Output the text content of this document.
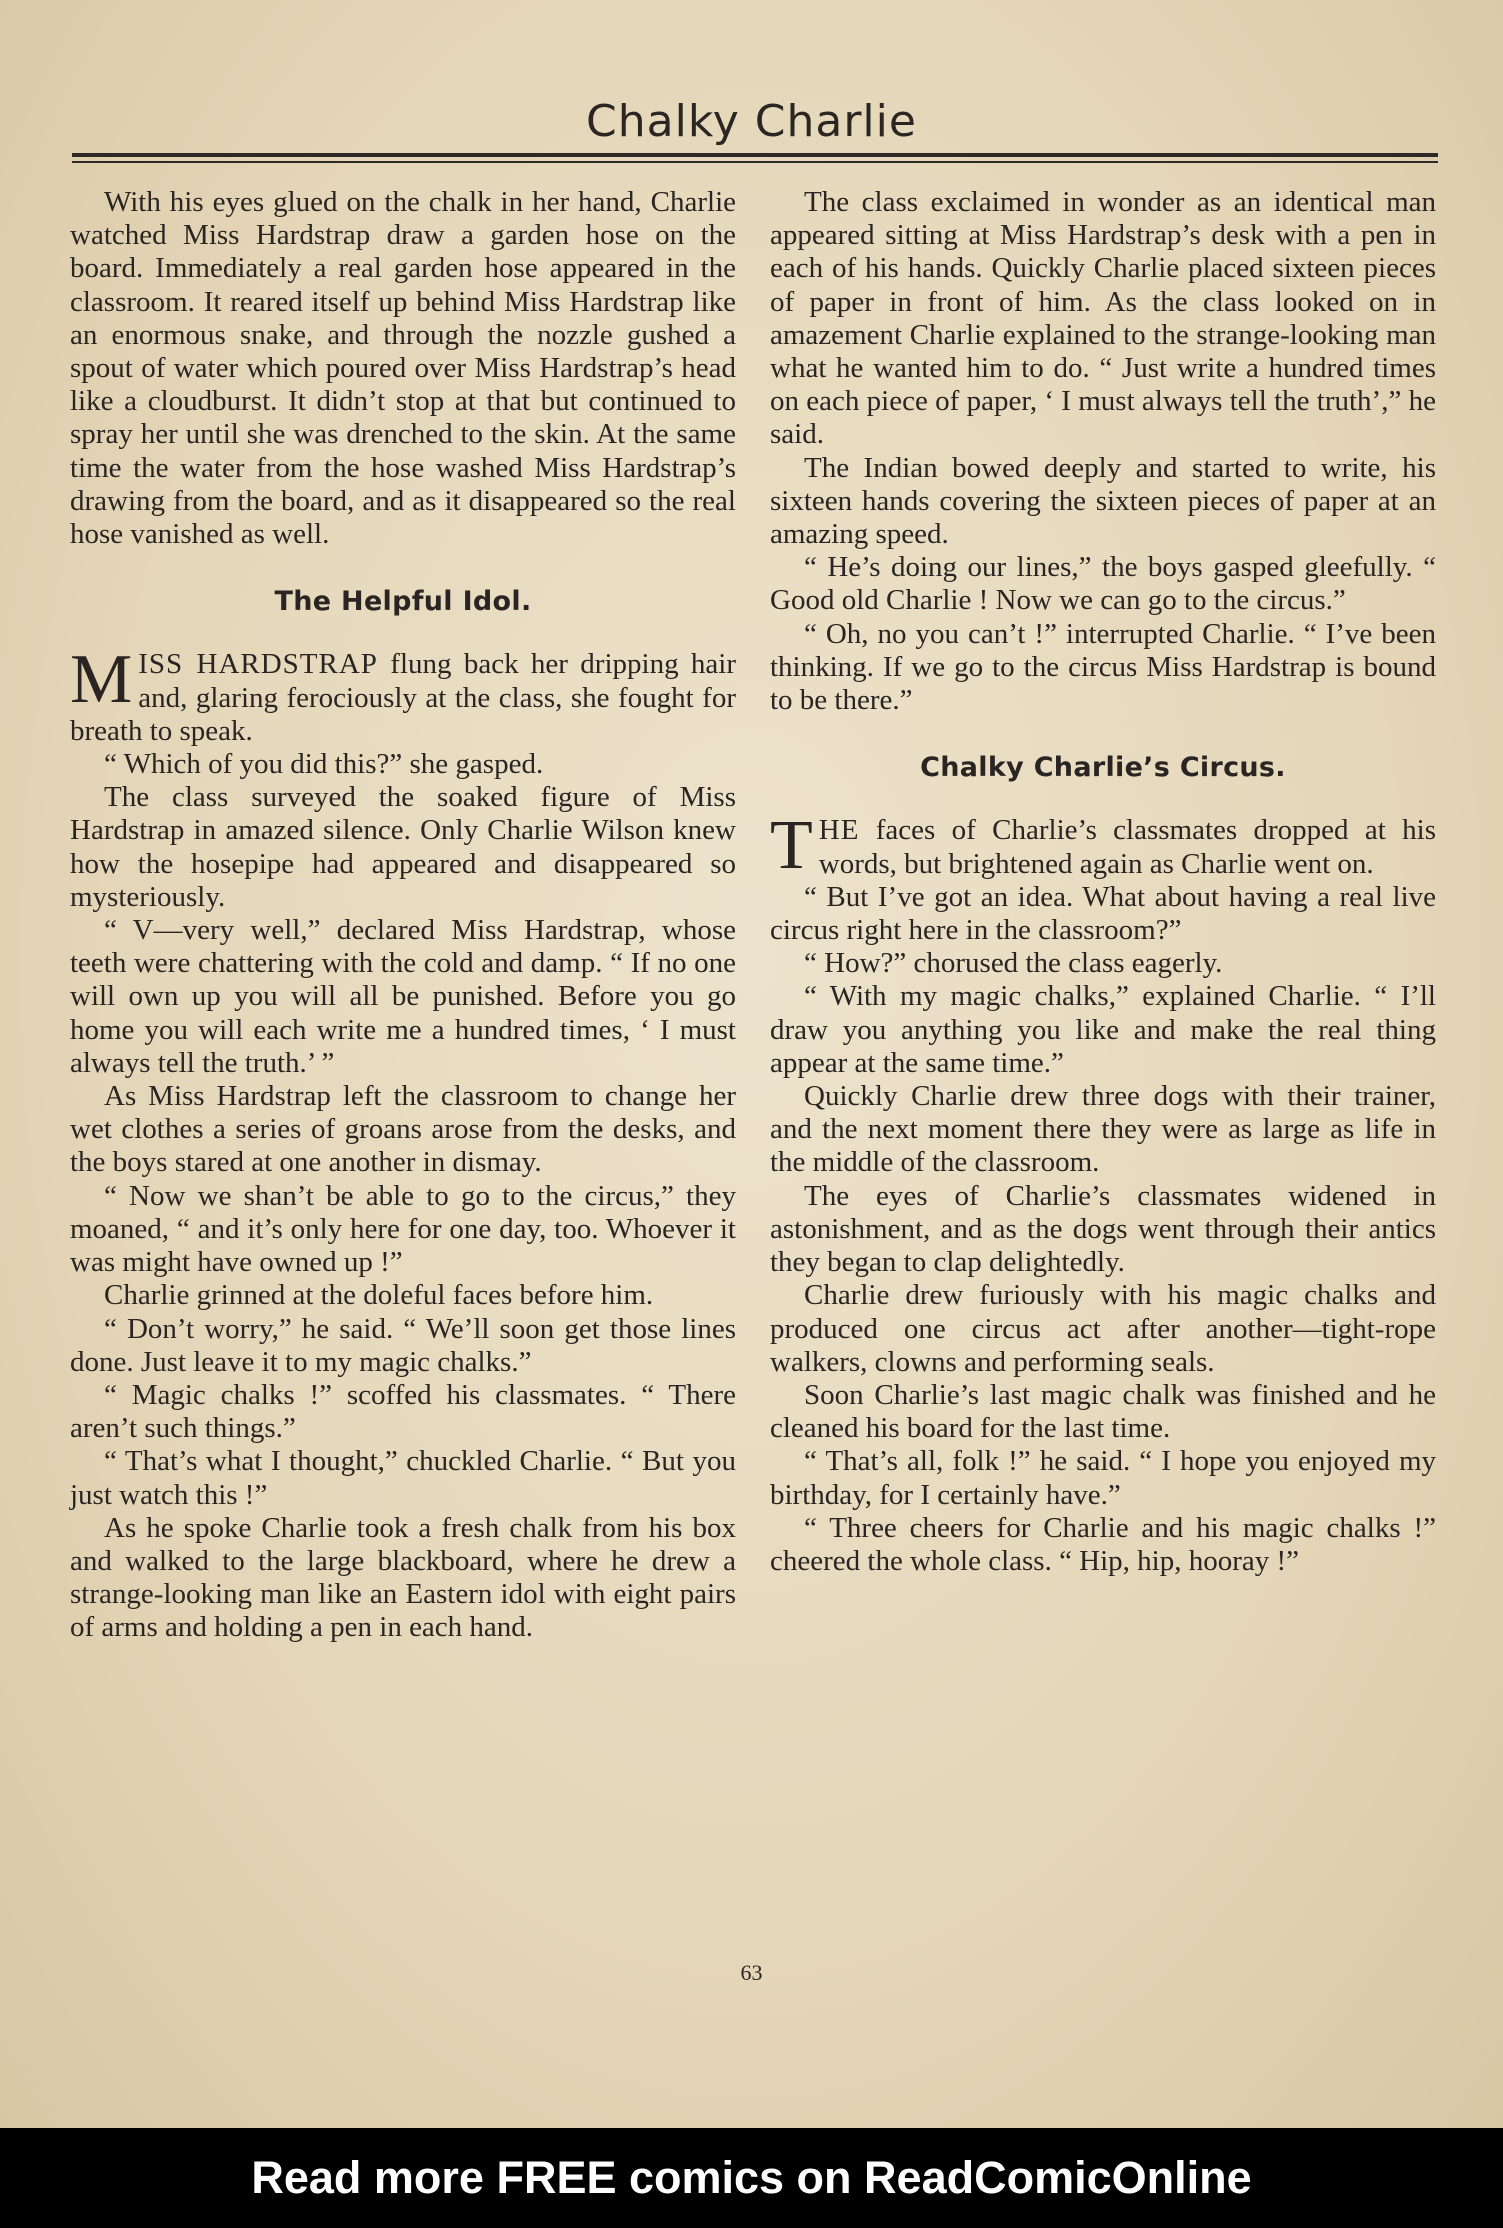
Chalky Charlie

With his eyes glued on the chalk in her hand, Charlie watched Miss Hardstrap draw a garden hose on the board. Immediately a real garden hose appeared in the classroom. It reared itself up behind Miss Hardstrap like an enormous snake, and through the nozzle gushed a spout of water which poured over Miss Hardstrap’s head like a cloudburst. It didn’t stop at that but continued to spray her until she was drenched to the skin. At the same time the water from the hose washed Miss Hardstrap’s drawing from the board, and as it disappeared so the real hose vanished as well.

The Helpful Idol.

MISS HARDSTRAP flung back her dripping hair and, glaring ferociously at the class, she fought for breath to speak.

“ Which of you did this?” she gasped.

The class surveyed the soaked figure of Miss Hardstrap in amazed silence. Only Charlie Wilson knew how the hosepipe had appeared and disappeared so mysteriously.

“ V—very well,” declared Miss Hardstrap, whose teeth were chattering with the cold and damp. “ If no one will own up you will all be punished. Before you go home you will each write me a hundred times, ‘ I must always tell the truth.’ ”

As Miss Hardstrap left the classroom to change her wet clothes a series of groans arose from the desks, and the boys stared at one another in dismay.

“ Now we shan’t be able to go to the circus,” they moaned, “ and it’s only here for one day, too. Whoever it was might have owned up !”

Charlie grinned at the doleful faces before him.

“ Don’t worry,” he said. “ We’ll soon get those lines done. Just leave it to my magic chalks.”

“ Magic chalks !” scoffed his classmates. “ There aren’t such things.”

“ That’s what I thought,” chuckled Charlie. “ But you just watch this !”

As he spoke Charlie took a fresh chalk from his box and walked to the large blackboard, where he drew a strange-looking man like an Eastern idol with eight pairs of arms and holding a pen in each hand.

The class exclaimed in wonder as an identical man appeared sitting at Miss Hardstrap’s desk with a pen in each of his hands. Quickly Charlie placed sixteen pieces of paper in front of him. As the class looked on in amazement Charlie explained to the strange-looking man what he wanted him to do. “ Just write a hundred times on each piece of paper, ‘ I must always tell the truth’,” he said.

The Indian bowed deeply and started to write, his sixteen hands covering the sixteen pieces of paper at an amazing speed.

“ He’s doing our lines,” the boys gasped gleefully. “ Good old Charlie ! Now we can go to the circus.”

“ Oh, no you can’t !” interrupted Charlie. “ I’ve been thinking. If we go to the circus Miss Hardstrap is bound to be there.”

Chalky Charlie’s Circus.

THE faces of Charlie’s classmates dropped at his words, but brightened again as Charlie went on.

“ But I’ve got an idea. What about having a real live circus right here in the classroom?”

“ How?” chorused the class eagerly.

“ With my magic chalks,” explained Charlie. “ I’ll draw you anything you like and make the real thing appear at the same time.”

Quickly Charlie drew three dogs with their trainer, and the next moment there they were as large as life in the middle of the classroom.

The eyes of Charlie’s classmates widened in astonishment, and as the dogs went through their antics they began to clap delightedly.

Charlie drew furiously with his magic chalks and produced one circus act after another—tight-rope walkers, clowns and performing seals.

Soon Charlie’s last magic chalk was finished and he cleaned his board for the last time.

“ That’s all, folk !” he said. “ I hope you enjoyed my birthday, for I certainly have.”

“ Three cheers for Charlie and his magic chalks !” cheered the whole class. “ Hip, hip, hooray !”

63
Read more FREE comics on ReadComicOnline
